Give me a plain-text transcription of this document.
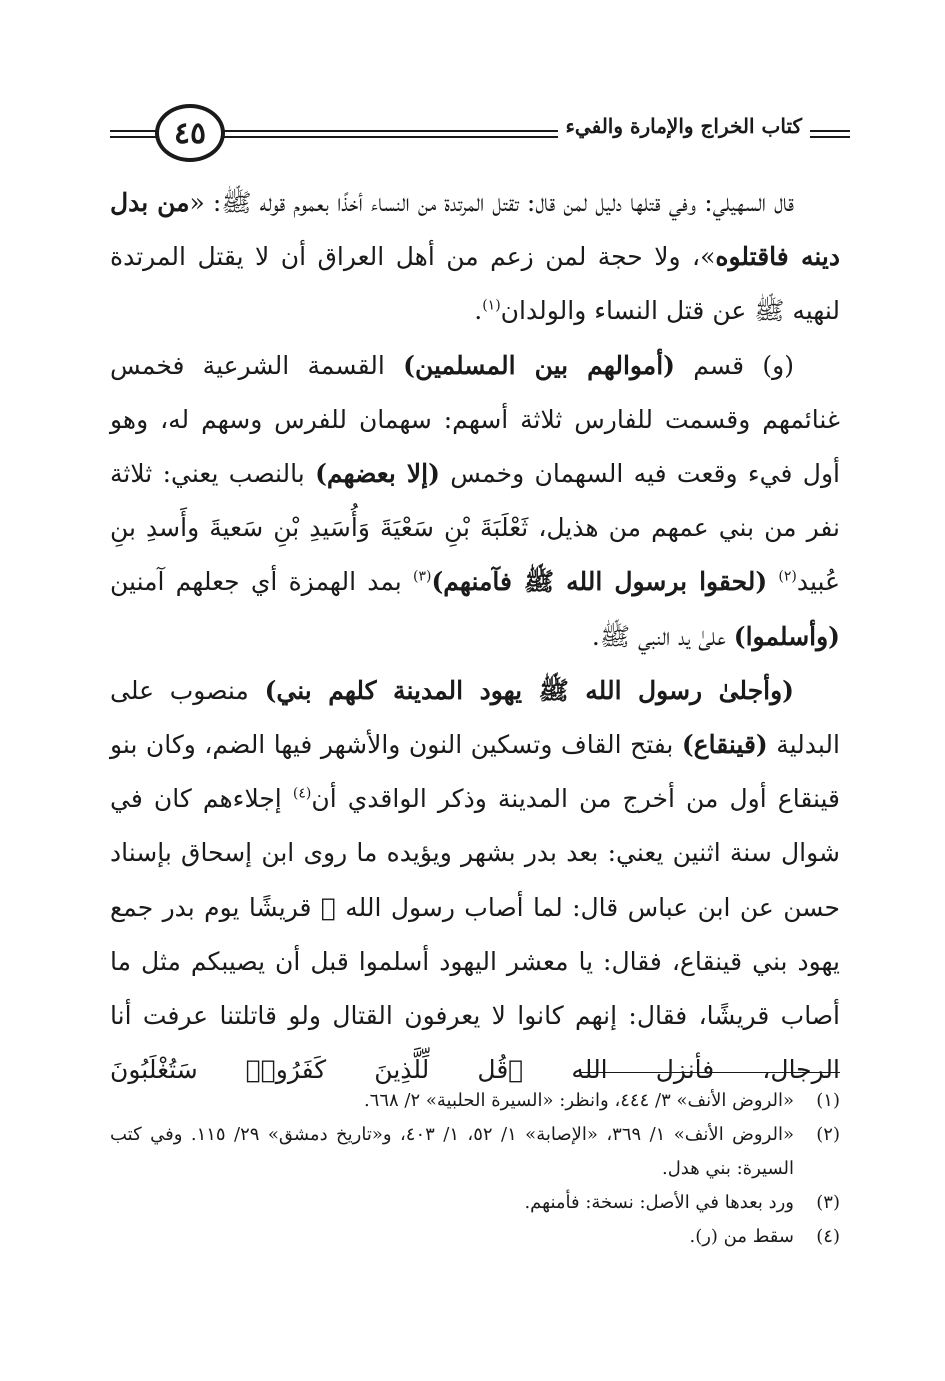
٤٥	كتاب الخراج والإمارة والفيء

قال السهيلي: وفي قتلها دليل لمن قال: تقتل المرتدة من النساء أخذًا بعموم قوله ﷺ: «من بدل دينه فاقتلوه»، ولا حجة لمن زعم من أهل العراق أن لا يقتل المرتدة لنهيه ﷺ عن قتل النساء والولدان$^{(١)}$.

(و) قسم (أموالهم بين المسلمين) القسمة الشرعية فخمس غنائمهم وقسمت للفارس ثلاثة أسهم: سهمان للفرس وسهم له، وهو أول فيء وقعت فيه السهمان وخمس (إلا بعضهم) بالنصب يعني: ثلاثة نفر من بني عمهم من هذيل، ثَعْلَبَةَ بْنِ سَعْيَةَ وَأُسَيدِ بْنِ سَعيةَ وأَسدِ بنِ عُبيد$^{(٢)}$ (لحقوا برسول الله ﷺ فآمنهم)$^{(٣)}$ بمد الهمزة أي جعلهم آمنين (وأسلموا) علىٰ يد النبي ﷺ.

(وأجلىٰ رسول الله ﷺ يهود المدينة كلهم بني) منصوب على البدلية (قينقاع) بفتح القاف وتسكين النون والأشهر فيها الضم، وكان بنو قينقاع أول من أخرج من المدينة وذكر الواقدي أن$^{(٤)}$ إجلاءهم كان في شوال سنة اثنين يعني: بعد بدر بشهر ويؤيده ما روى ابن إسحاق بإسناد حسن عن ابن عباس قال: لما أصاب رسول الله ﷺ قريشًا يوم بدر جمع يهود بني قينقاع، فقال: يا معشر اليهود أسلموا قبل أن يصيبكم مثل ما أصاب قريشًا، فقال: إنهم كانوا لا يعرفون القتال ولو قاتلتنا عرفت أنا الرجال، فأنزل الله ﴿قُل لِّلَّذِينَ كَفَرُوا۟ سَتُغْلَبُونَ

(١)
«الروض الأنف» ٣/ ٤٤٤، وانظر: «السيرة الحلبية» ٢/ ٦٦٨.
(٢)
«الروض الأنف» ١/ ٣٦٩، «الإصابة» ١/ ٥٢، ١/ ٤٠٣، و«تاريخ دمشق» ٢٩/ ١١٥. وفي كتب السيرة: بني هدل.
(٣)
ورد بعدها في الأصل: نسخة: فأمنهم.
(٤)
سقط من (ر).
